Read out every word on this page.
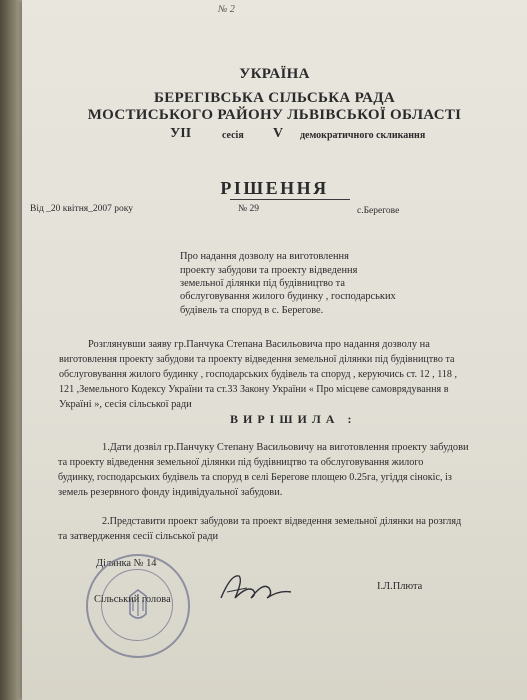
№ 2
УКРАЇНА
БЕРЕГІВСЬКА СІЛЬСЬКА РАДА
МОСТИСЬКОГО РАЙОНУ ЛЬВІВСЬКОЇ ОБЛАСТІ
УІІ	сесія V демократичного скликання
РІШЕННЯ
Від _20 квітня_2007 року	№ 29	с.Берегове
Про надання дозволу на виготовлення
проекту забудови та проекту відведення
земельної ділянки під будівництво та
обслуговування жилого будинку , господарських
будівель та споруд в с. Берегове.
Розглянувши заяву гр.Панчука Степана Васильовича про надання дозволу на
виготовлення проекту забудови та проекту відведення земельної ділянки під будівництво та
обслуговування жилого будинку , господарських будівель та споруд , керуючись ст. 12 , 118 ,
121 ,Земельного Кодексу України та ст.33 Закону України « Про місцеве самоврядування в
Україні », сесія сільської ради
ВИРІШИЛА :
1.Дати дозвіл гр.Панчуку Степану Васильовичу на виготовлення проекту забудови
та проекту відведення земельної ділянки під будівництво та обслуговування жилого
будинку, господарських будівель та споруд в селі Берегове площею 0.25га, угіддя сінокіс, із
земель резервного фонду індивідуальної забудови.
2.Представити проект забудови та проект відведення земельної ділянки на розгляд
та затвердження сесії сільської ради
Ділянка № 14
Сільський голова
І.Л.Плюта
